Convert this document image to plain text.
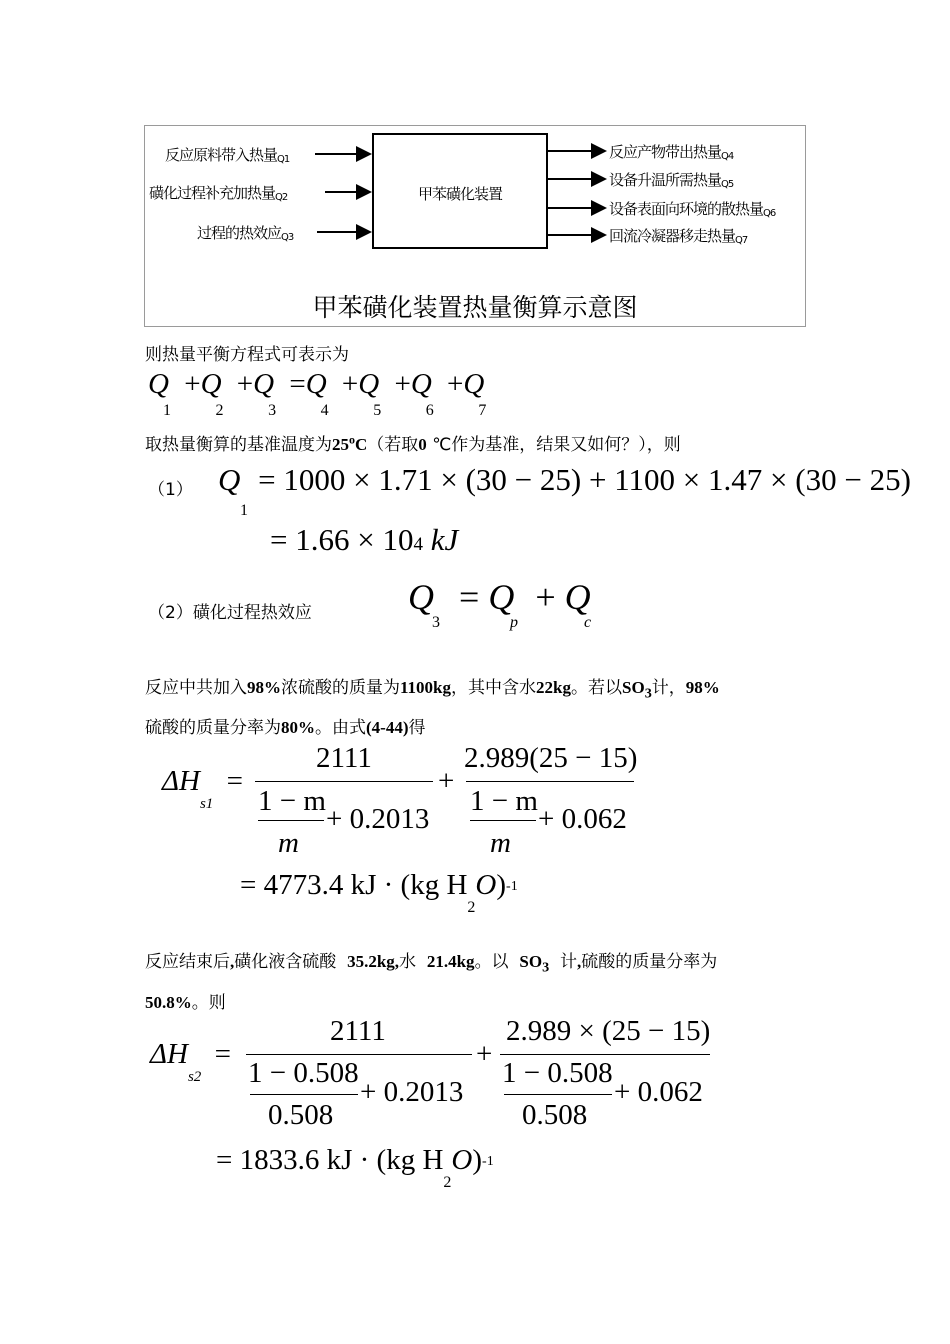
反应原料带入热量Q1
磺化过程补充加热量Q2
过程的热效应Q3
甲苯磺化装置
反应产物带出热量Q4
设备升温所需热量Q5
设备表面向环境的散热量Q6
回流冷凝器移走热量Q7
甲苯磺化装置热量衡算示意图
则热量平衡方程式可表示为
$Q_1 +Q_2 +Q_3 =Q_4 +Q_5 +Q_6 +Q_7$
取热量衡算的基准温度为25$^o$C（若取0 ℃作为基准，结果又如何？），则
（1） Q
1
= 1000 × 1.71 × (30 − 25) + 1100 × 1.47 × (30 − 25)
= 1.66 × 104 kJ
（2）磺化过程热效应	Q
3
= Q
p
+ Q
c
反应中共加入98%浓硫酸的质量为1100kg，其中含水22kg。若以$SO_3$计，98%
硫酸的质量分率为80%。由式(4-44)得
$\Delta H_{s1}$ =
2111
1 − m
+ 0.2013
m
+
2.989(25 − 15)
1 − m
+ 0.062
m
= 4773.4 kJ · (kg $H_2O)-1$
反应结束后,磺化液含硫酸 35.2kg,水 21.4kg。以 $SO_3$ 计,硫酸的质量分率为
50.8%。则
$\Delta H_{s2}$ =
2111
1 − 0.508
+ 0.2013
0.508
+
2.989 × (25 − 15)
1 − 0.508
+ 0.062
0.508
= 1833.6 kJ · (kg $H_2O)-1$
